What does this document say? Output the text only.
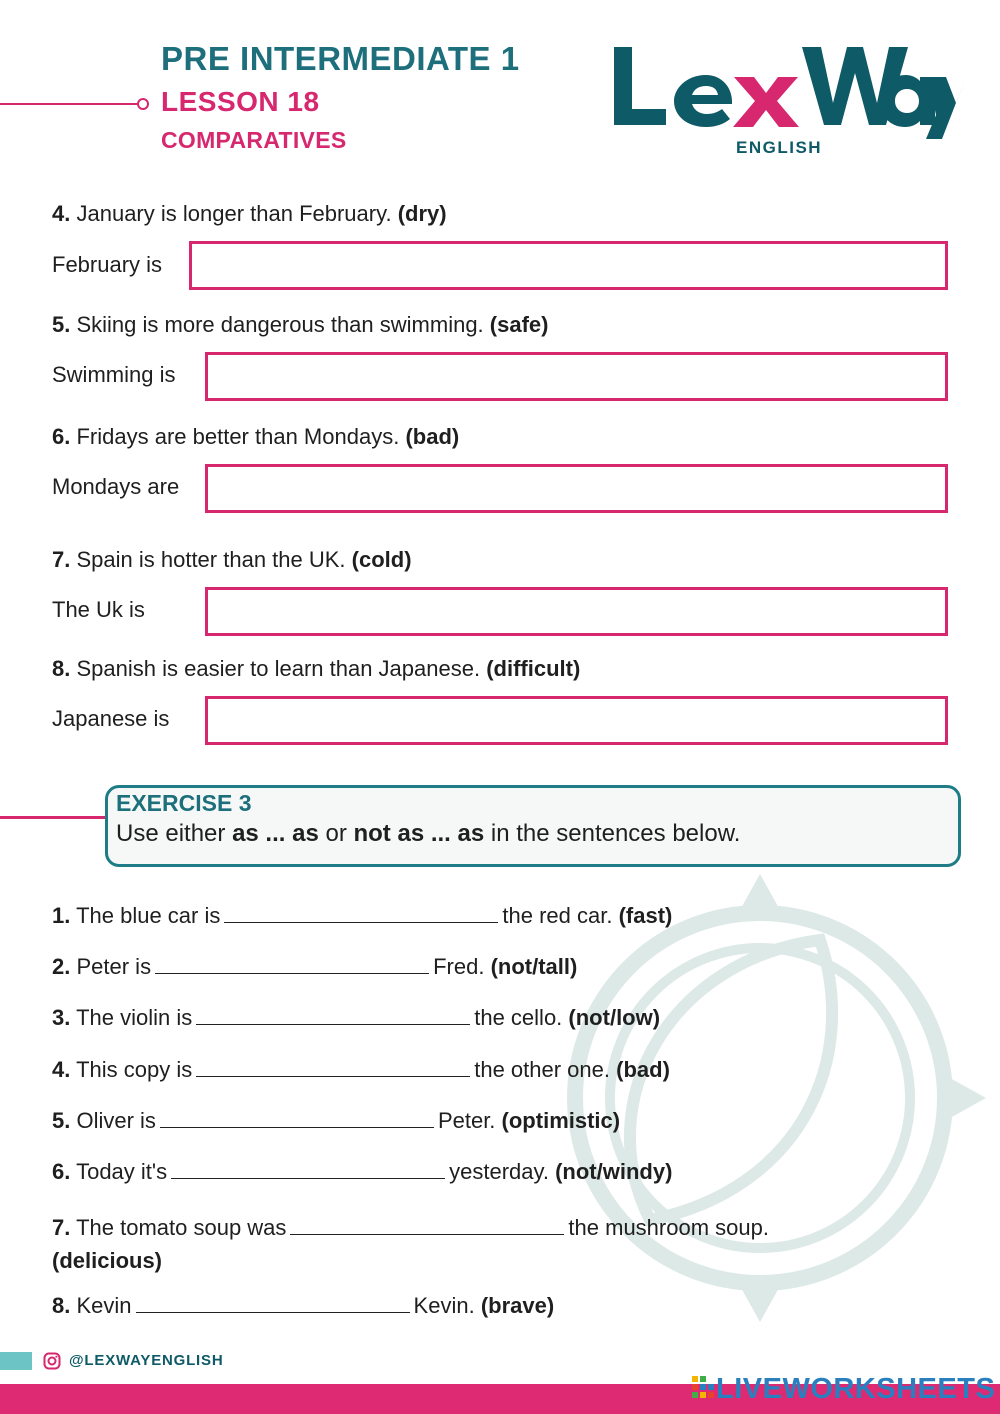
PRE INTERMEDIATE 1
LESSON 18
COMPARATIVES	ENGLISH
4. January is longer than February. (dry)
February is
5. Skiing is more dangerous than swimming. (safe)
Swimming is
6. Fridays are better than Mondays. (bad)
Mondays are
7. Spain is hotter than the UK. (cold)
The Uk is
8. Spanish is easier to learn than Japanese. (difficult)
Japanese is
EXERCISE 3
Use either as ... as or not as ... as in the sentences below.
1. The blue car is	the red car. (fast)
2. Peter is	Fred. (not/tall)
3. The violin is	the cello. (not/low)
4. This copy is	the other one. (bad)
5. Oliver is	Peter. (optimistic)
6. Today it's	yesterday. (not/windy)
7. The tomato soup was	the mushroom soup.
(delicious)
8. Kevin	Kevin. (brave)
@LEXWAYENGLISH
LIVEWORKSHEETS
